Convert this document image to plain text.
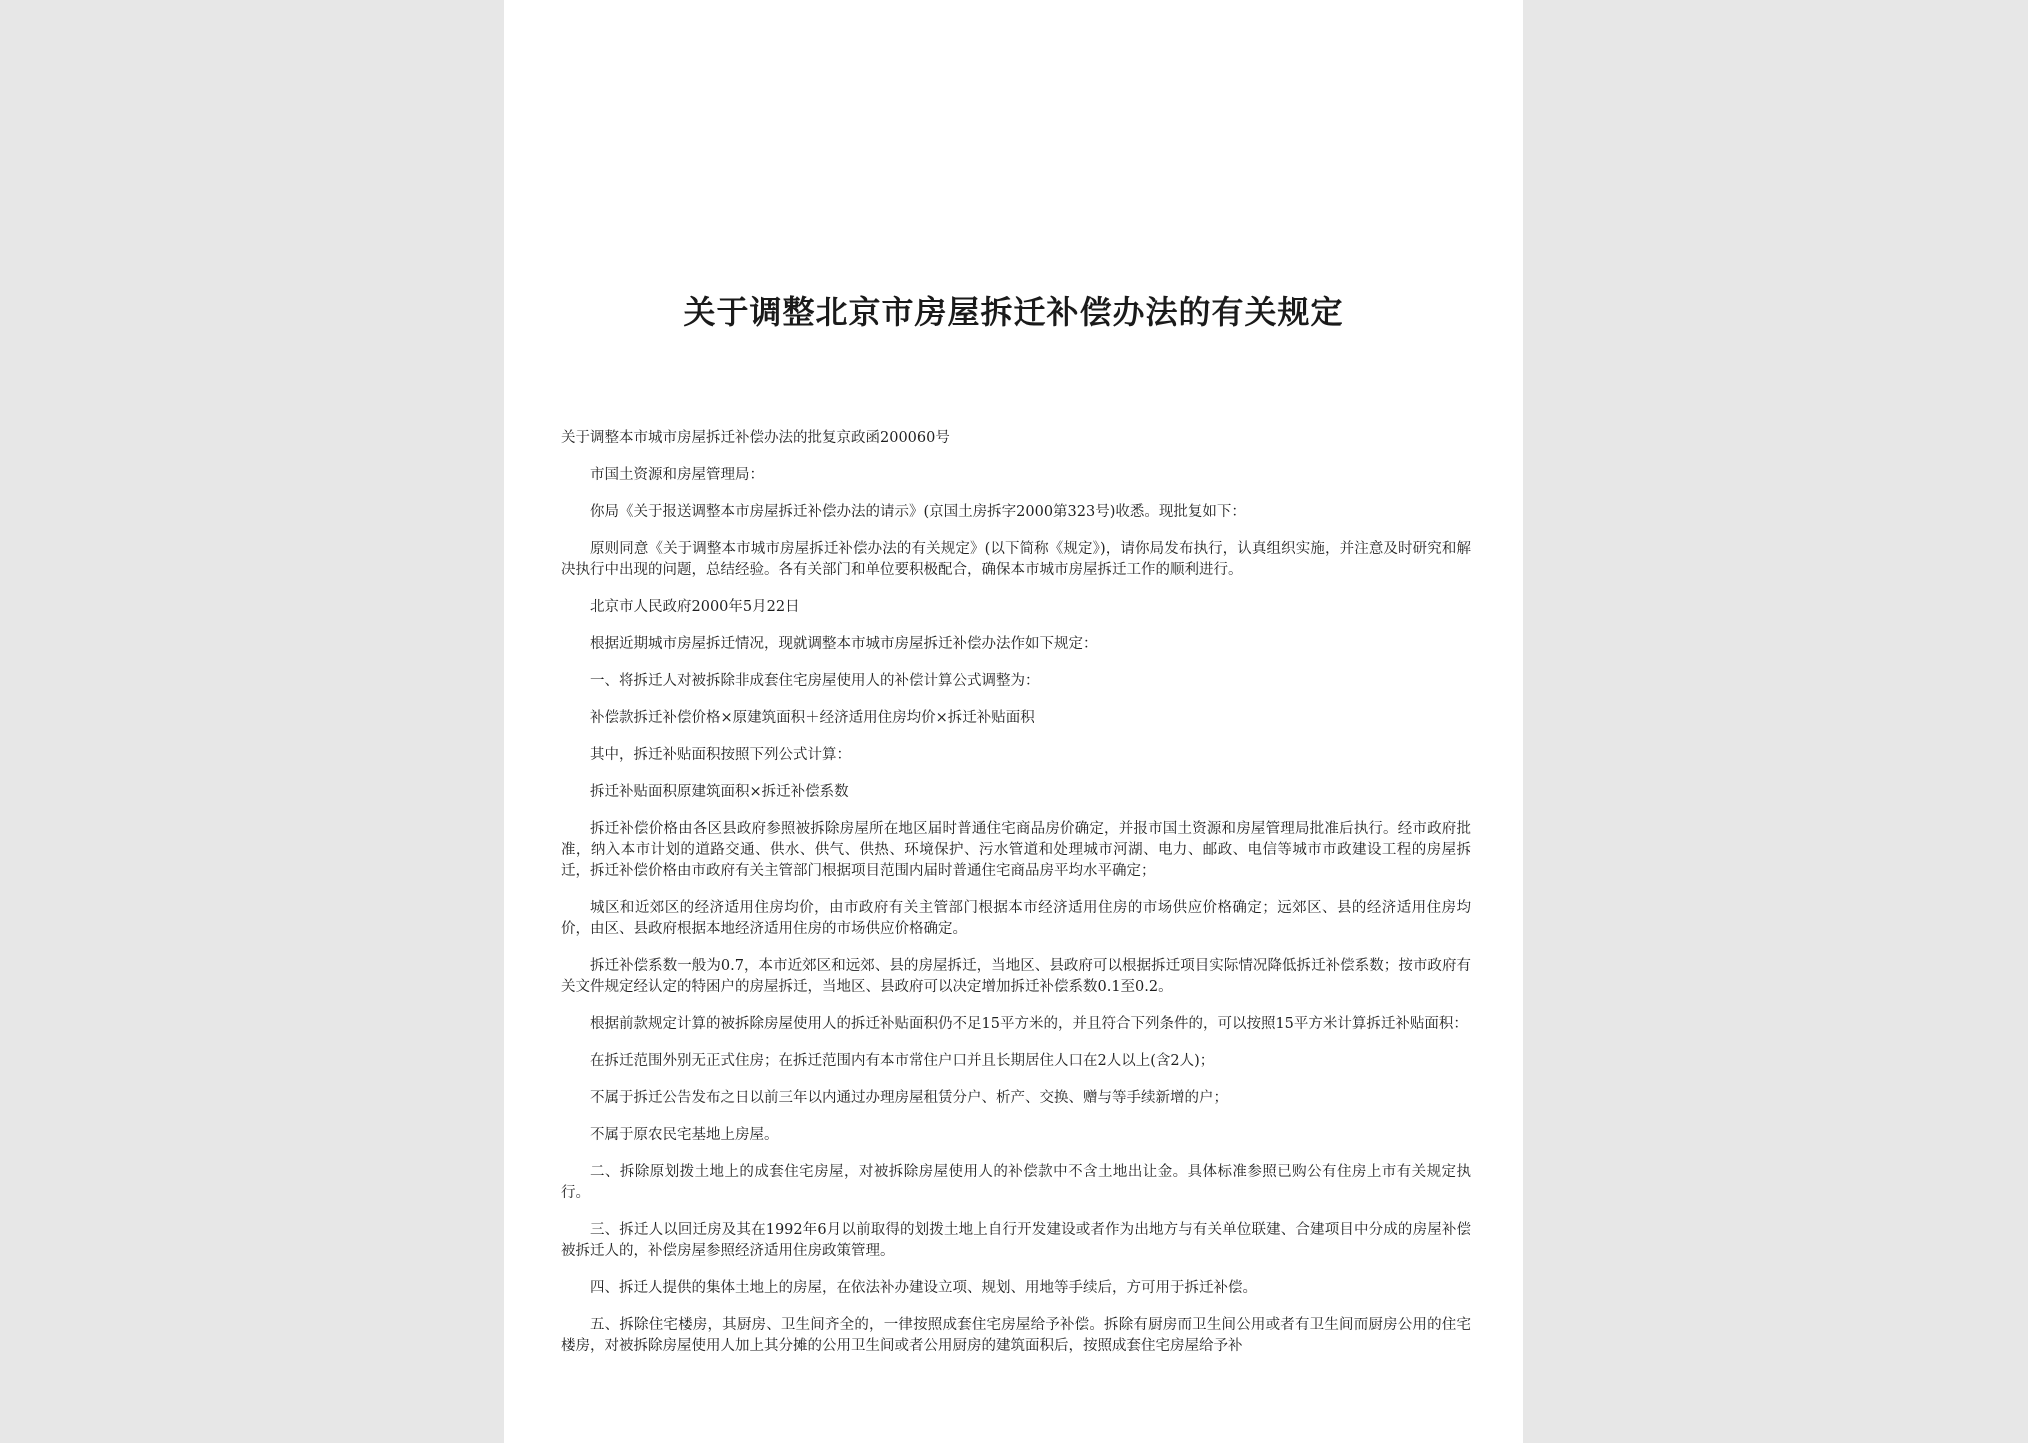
关于调整北京市房屋拆迁补偿办法的有关规定

关于调整本市城市房屋拆迁补偿办法的批复京政函200060号

市国土资源和房屋管理局：

你局《关于报送调整本市房屋拆迁补偿办法的请示》(京国土房拆字2000第323号)收悉。现批复如下：

原则同意《关于调整本市城市房屋拆迁补偿办法的有关规定》(以下简称《规定》)，请你局发布执行，认真组织实施，并注意及时研究和解决执行中出现的问题，总结经验。各有关部门和单位要积极配合，确保本市城市房屋拆迁工作的顺利进行。

北京市人民政府2000年5月22日

根据近期城市房屋拆迁情况，现就调整本市城市房屋拆迁补偿办法作如下规定：

一、将拆迁人对被拆除非成套住宅房屋使用人的补偿计算公式调整为：

补偿款拆迁补偿价格×原建筑面积＋经济适用住房均价×拆迁补贴面积

其中，拆迁补贴面积按照下列公式计算：

拆迁补贴面积原建筑面积×拆迁补偿系数

拆迁补偿价格由各区县政府参照被拆除房屋所在地区届时普通住宅商品房价确定，并报市国土资源和房屋管理局批准后执行。经市政府批准，纳入本市计划的道路交通、供水、供气、供热、环境保护、污水管道和处理城市河湖、电力、邮政、电信等城市市政建设工程的房屋拆迁，拆迁补偿价格由市政府有关主管部门根据项目范围内届时普通住宅商品房平均水平确定；

城区和近郊区的经济适用住房均价，由市政府有关主管部门根据本市经济适用住房的市场供应价格确定；远郊区、县的经济适用住房均价，由区、县政府根据本地经济适用住房的市场供应价格确定。

拆迁补偿系数一般为0.7，本市近郊区和远郊、县的房屋拆迁，当地区、县政府可以根据拆迁项目实际情况降低拆迁补偿系数；按市政府有关文件规定经认定的特困户的房屋拆迁，当地区、县政府可以决定增加拆迁补偿系数0.1至0.2。

根据前款规定计算的被拆除房屋使用人的拆迁补贴面积仍不足15平方米的，并且符合下列条件的，可以按照15平方米计算拆迁补贴面积：

在拆迁范围外别无正式住房；在拆迁范围内有本市常住户口并且长期居住人口在2人以上(含2人)；

不属于拆迁公告发布之日以前三年以内通过办理房屋租赁分户、析产、交换、赠与等手续新增的户；

不属于原农民宅基地上房屋。

二、拆除原划拨土地上的成套住宅房屋，对被拆除房屋使用人的补偿款中不含土地出让金。具体标准参照已购公有住房上市有关规定执行。

三、拆迁人以回迁房及其在1992年6月以前取得的划拨土地上自行开发建设或者作为出地方与有关单位联建、合建项目中分成的房屋补偿被拆迁人的，补偿房屋参照经济适用住房政策管理。

四、拆迁人提供的集体土地上的房屋，在依法补办建设立项、规划、用地等手续后，方可用于拆迁补偿。

五、拆除住宅楼房，其厨房、卫生间齐全的，一律按照成套住宅房屋给予补偿。拆除有厨房而卫生间公用或者有卫生间而厨房公用的住宅楼房，对被拆除房屋使用人加上其分摊的公用卫生间或者公用厨房的建筑面积后，按照成套住宅房屋给予补
